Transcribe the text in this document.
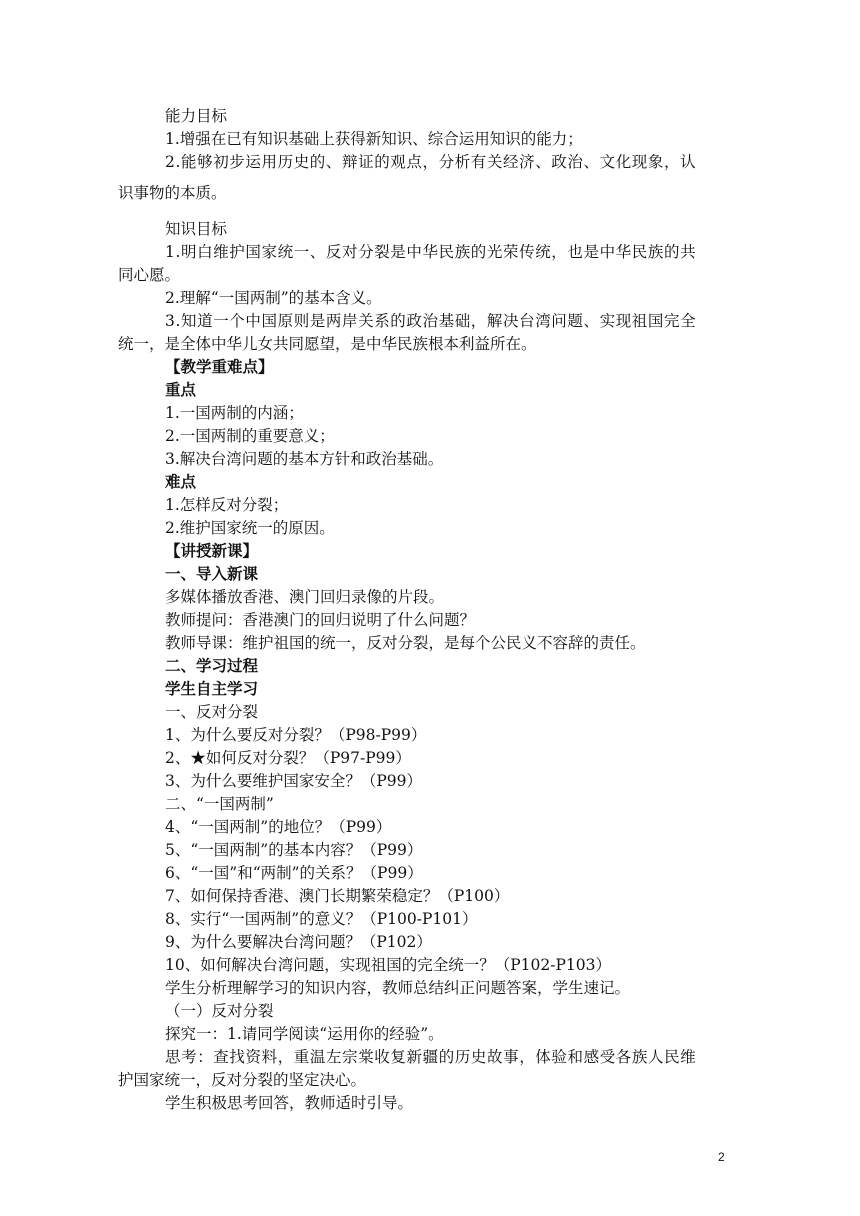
能力目标
1.增强在已有知识基础上获得新知识、综合运用知识的能力；
2.能够初步运用历史的、辩证的观点，分析有关经济、政治、文化现象，认
识事物的本质。
知识目标
1.明白维护国家统一、反对分裂是中华民族的光荣传统，也是中华民族的共
同心愿。
2.理解“一国两制”的基本含义。
3.知道一个中国原则是两岸关系的政治基础，解决台湾问题、实现祖国完全
统一，是全体中华儿女共同愿望，是中华民族根本利益所在。
【教学重难点】
重点
1.一国两制的内涵；
2.一国两制的重要意义；
3.解决台湾问题的基本方针和政治基础。
难点
1.怎样反对分裂；
2.维护国家统一的原因。
【讲授新课】
一、导入新课
多媒体播放香港、澳门回归录像的片段。
教师提问：香港澳门的回归说明了什么问题？
教师导课：维护祖国的统一，反对分裂，是每个公民义不容辞的责任。
二、学习过程
学生自主学习
一、反对分裂
1、为什么要反对分裂？（P98-P99）
2、★如何反对分裂？（P97-P99）
3、为什么要维护国家安全？（P99）
二、“一国两制”
4、“一国两制”的地位？（P99）
5、“一国两制”的基本内容？（P99）
6、“一国”和“两制”的关系？（P99）
7、如何保持香港、澳门长期繁荣稳定？（P100）
8、实行“一国两制”的意义？（P100-P101）
9、为什么要解决台湾问题？（P102）
10、如何解决台湾问题，实现祖国的完全统一？（P102-P103）
学生分析理解学习的知识内容，教师总结纠正问题答案，学生速记。
（一）反对分裂
探究一：1.请同学阅读“运用你的经验”。
思考：查找资料，重温左宗棠收复新疆的历史故事，体验和感受各族人民维
护国家统一，反对分裂的坚定决心。
学生积极思考回答，教师适时引导。
2
